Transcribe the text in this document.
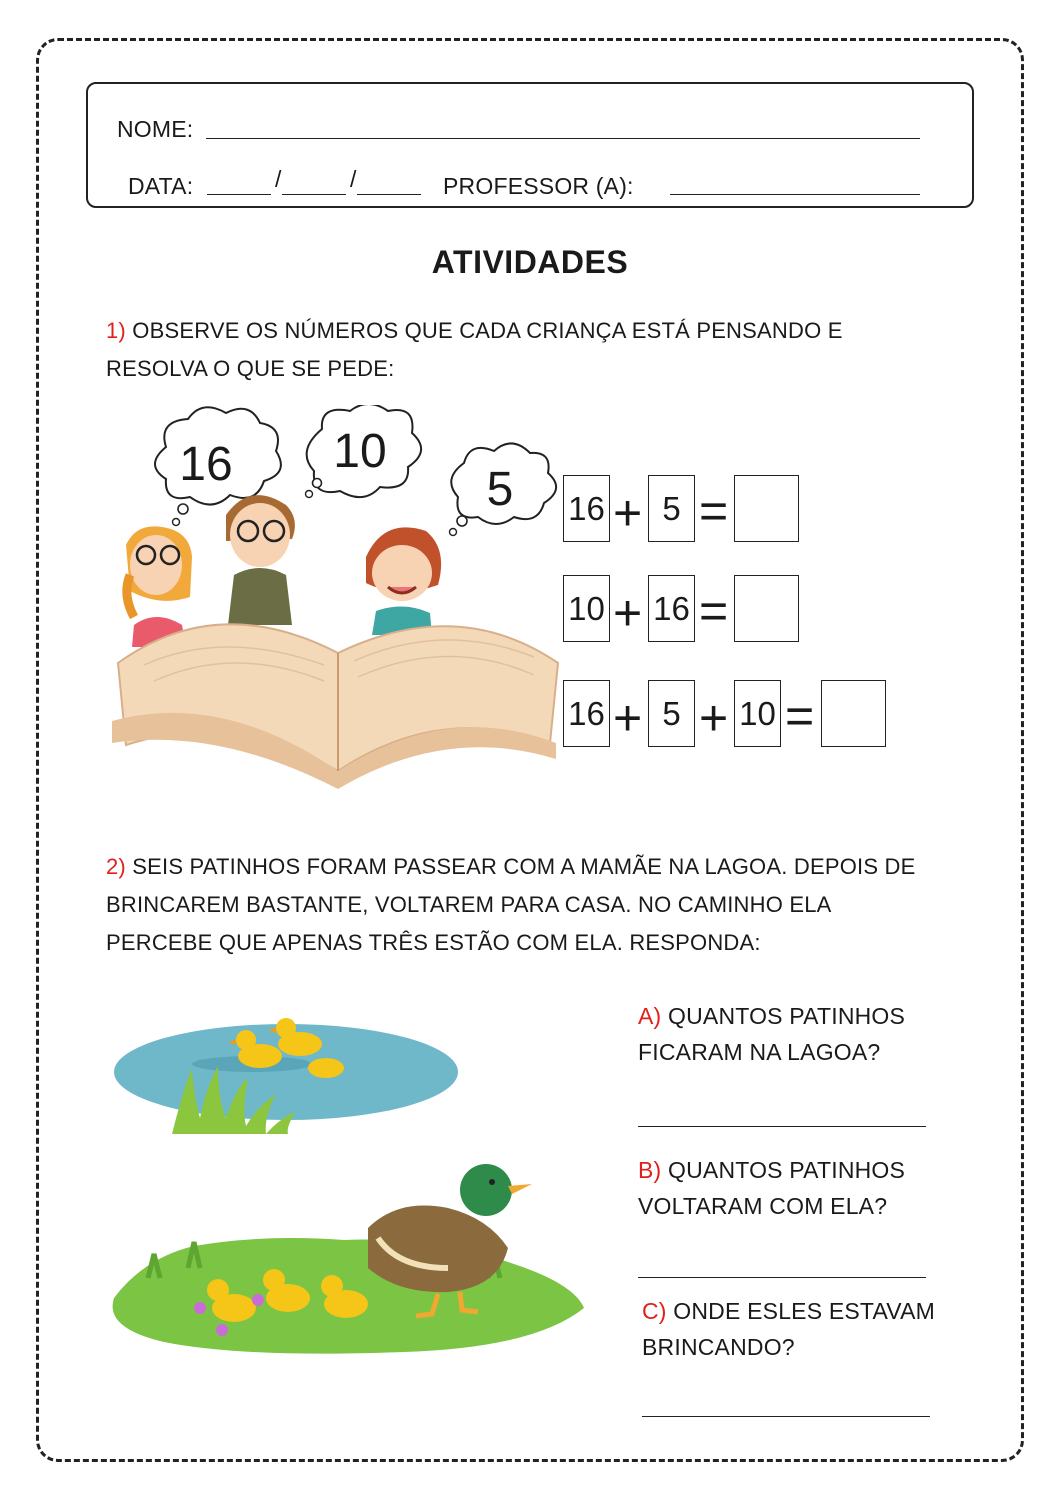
NOME:
DATA:	/	/	PROFESSOR (A):
ATIVIDADES
1) OBSERVE OS NÚMEROS QUE CADA CRIANÇA ESTÁ PENSANDO E
RESOLVA O QUE SE PEDE:
16 10
5 16 + 5 =
10 + 16 =
16 + 5 + 10 =
2) SEIS PATINHOS FORAM PASSEAR COM A MAMÃE NA LAGOA. DEPOIS DE
BRINCAREM BASTANTE, VOLTAREM PARA CASA. NO CAMINHO ELA
PERCEBE QUE APENAS TRÊS ESTÃO COM ELA. RESPONDA:
A) QUANTOS PATINHOS
FICARAM NA LAGOA?
B) QUANTOS PATINHOS
VOLTARAM COM ELA?
C) ONDE ESLES ESTAVAM
BRINCANDO?
